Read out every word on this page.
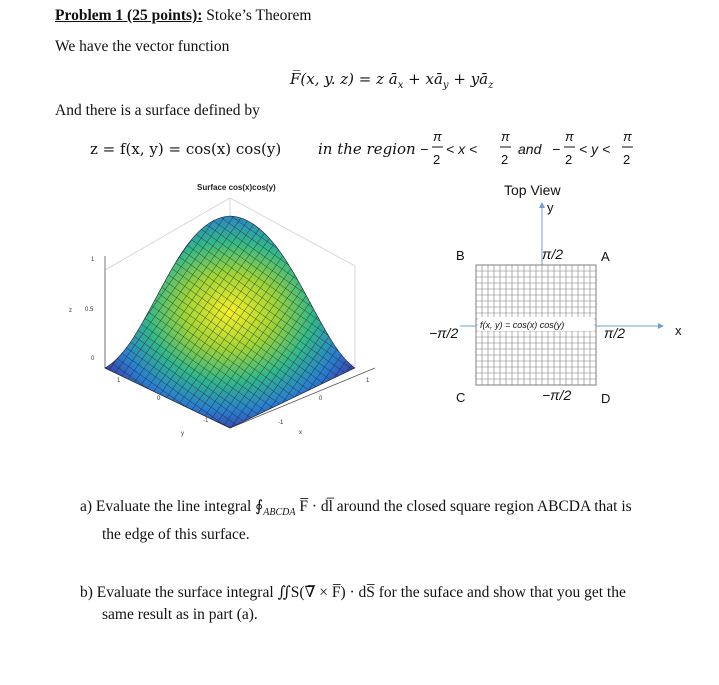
Problem 1 (25 points): Stoke’s Theorem
We have the vector function
F̅(x, y. z) = z $ā_x$ + $xā_y$ + $yā_z$
And there is a surface defined by
z = f(x, y) = cos(x) cos(y) in the region −
π
2
< x <
π
2
and −
π
2
< y <
π
2
Surface cos(x)cos(y)
1
0.5
0
z
1
0
-1
y
-1
0
1
x
Top View
y
x
B	A
C	D
π/2
−π/2
−π/2	π/2
f(x, y) = cos(x) cos(y)
a) Evaluate the line integral $∮_{ABCDA}$ F̅ · dl̅ around the closed square region ABCDA that is
the edge of this surface.
b) Evaluate the surface integral ∬S(∇̅ × F̅) · dS̅ for the suface and show that you get the
same result as in part (a).
